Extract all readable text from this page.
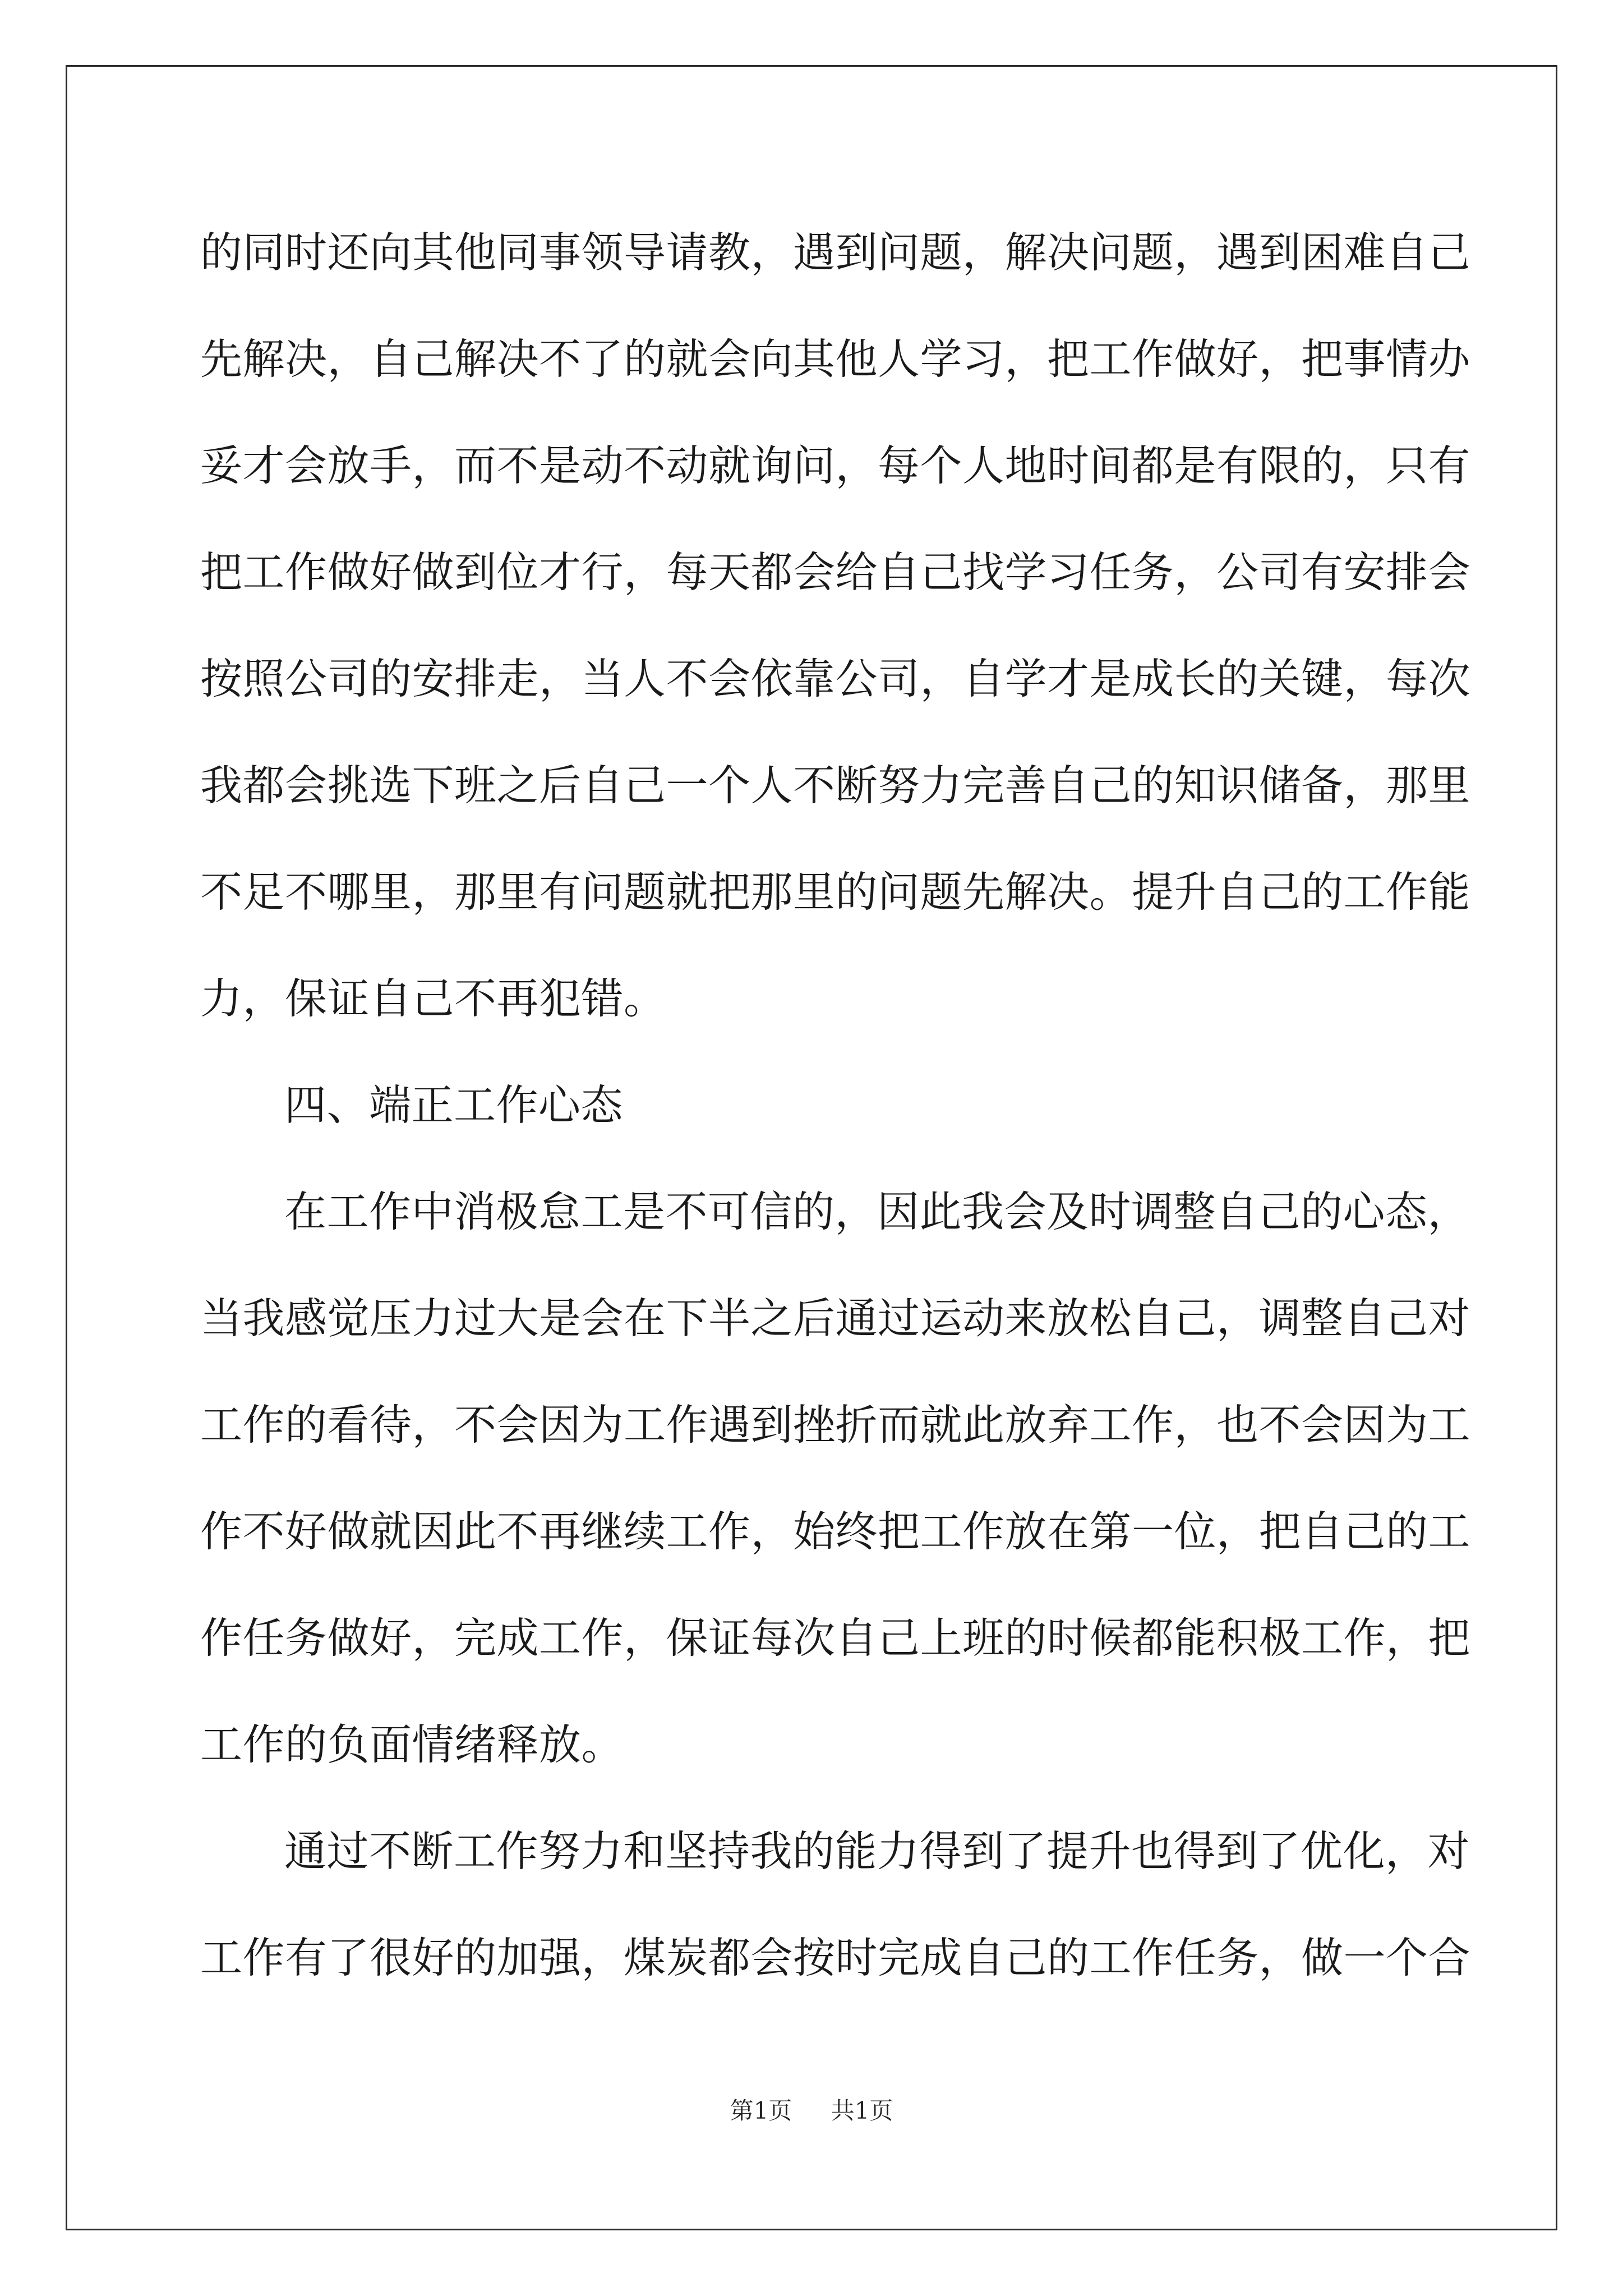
的同时还向其他同事领导请教，遇到问题，解决问题，遇到困难自己
先解决，自己解决不了的就会向其他人学习，把工作做好，把事情办
妥才会放手，而不是动不动就询问，每个人地时间都是有限的，只有
把工作做好做到位才行，每天都会给自己找学习任务，公司有安排会
按照公司的安排走，当人不会依靠公司，自学才是成长的关键，每次
我都会挑选下班之后自己一个人不断努力完善自己的知识储备，那里
不足不哪里，那里有问题就把那里的问题先解决。提升自己的工作能
力，保证自己不再犯错。
四、端正工作心态
在工作中消极怠工是不可信的，因此我会及时调整自己的心态，
当我感觉压力过大是会在下半之后通过运动来放松自己，调整自己对
工作的看待，不会因为工作遇到挫折而就此放弃工作，也不会因为工
作不好做就因此不再继续工作，始终把工作放在第一位，把自己的工
作任务做好，完成工作，保证每次自己上班的时候都能积极工作，把
工作的负面情绪释放。
通过不断工作努力和坚持我的能力得到了提升也得到了优化，对
工作有了很好的加强，煤炭都会按时完成自己的工作任务，做一个合
第1页 共1页
